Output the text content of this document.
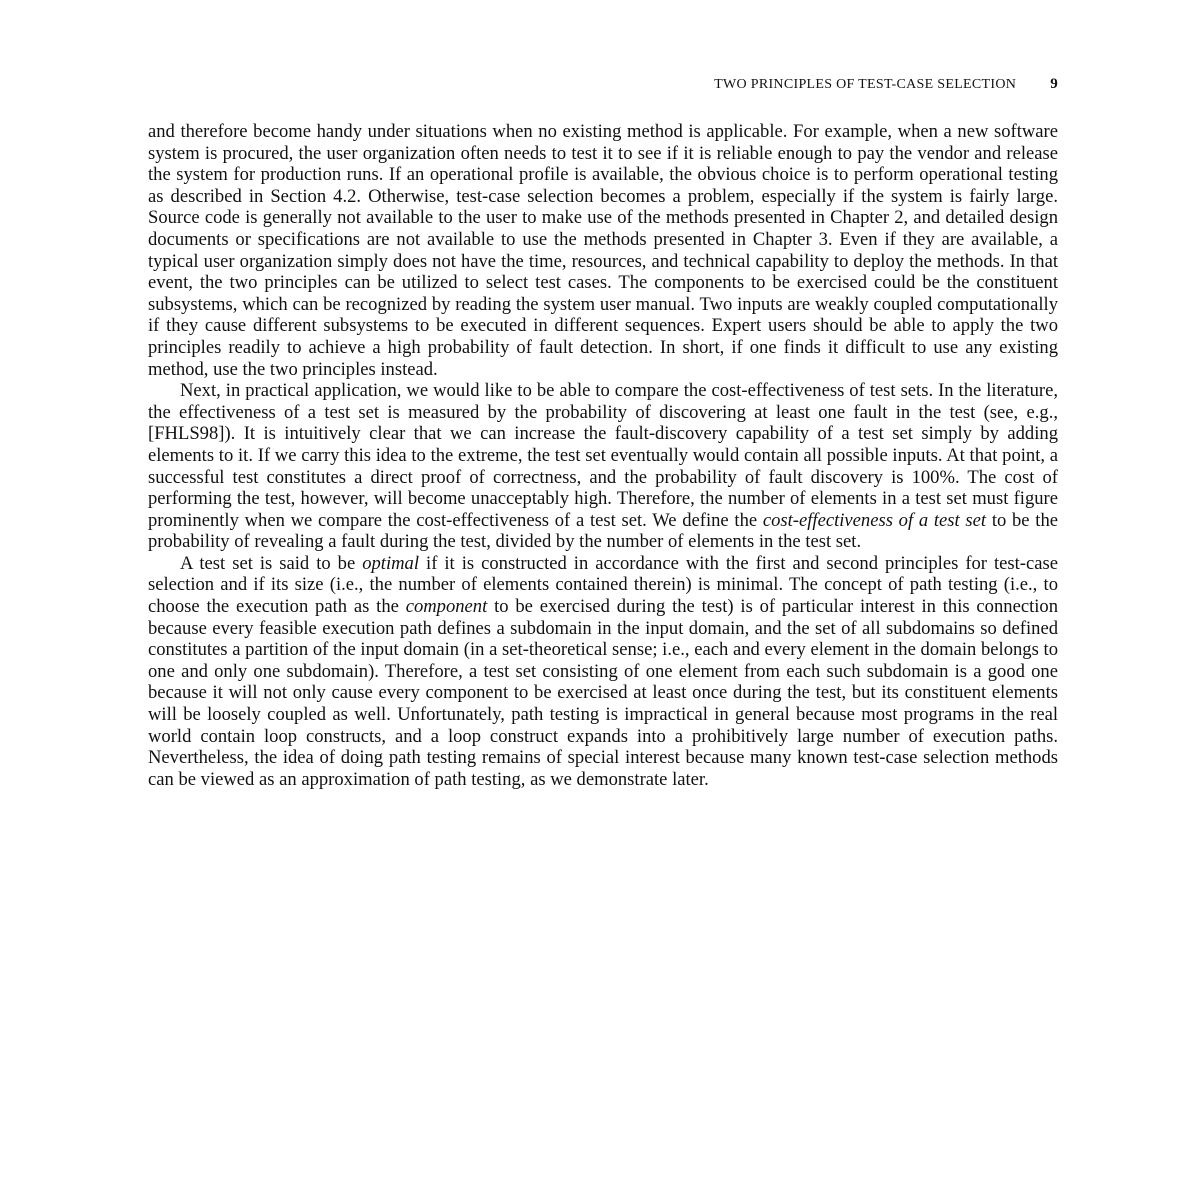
TWO PRINCIPLES OF TEST-CASE SELECTION 9

and therefore become handy under situations when no existing method is applicable. For example, when a new software system is procured, the user organization often needs to test it to see if it is reliable enough to pay the vendor and release the system for production runs. If an operational profile is available, the obvious choice is to perform operational testing as described in Section 4.2. Otherwise, test-case selection becomes a problem, especially if the system is fairly large. Source code is generally not available to the user to make use of the methods presented in Chapter 2, and detailed design documents or specifications are not available to use the methods presented in Chapter 3. Even if they are available, a typical user organization simply does not have the time, resources, and technical capability to deploy the methods. In that event, the two principles can be utilized to select test cases. The components to be exercised could be the constituent subsystems, which can be recognized by reading the system user manual. Two inputs are weakly coupled computationally if they cause different subsystems to be executed in different sequences. Expert users should be able to apply the two principles readily to achieve a high probability of fault detection. In short, if one finds it difficult to use any existing method, use the two principles instead.

Next, in practical application, we would like to be able to compare the cost-effectiveness of test sets. In the literature, the effectiveness of a test set is measured by the probability of discovering at least one fault in the test (see, e.g., [FHLS98]). It is intuitively clear that we can increase the fault-discovery capability of a test set simply by adding elements to it. If we carry this idea to the extreme, the test set eventually would contain all possible inputs. At that point, a successful test constitutes a direct proof of correctness, and the probability of fault discovery is 100%. The cost of performing the test, however, will become unacceptably high. Therefore, the number of elements in a test set must figure prominently when we compare the cost-effectiveness of a test set. We define the cost-effectiveness of a test set to be the probability of revealing a fault during the test, divided by the number of elements in the test set.

A test set is said to be optimal if it is constructed in accordance with the first and second principles for test-case selection and if its size (i.e., the number of elements contained therein) is minimal. The concept of path testing (i.e., to choose the execution path as the component to be exercised during the test) is of particular interest in this connection because every feasible execution path defines a subdomain in the input domain, and the set of all subdomains so defined constitutes a partition of the input domain (in a set-theoretical sense; i.e., each and every element in the domain belongs to one and only one subdomain). Therefore, a test set consisting of one element from each such subdomain is a good one because it will not only cause every component to be exercised at least once during the test, but its constituent elements will be loosely coupled as well. Unfortunately, path testing is impractical in general because most programs in the real world contain loop constructs, and a loop construct expands into a prohibitively large number of execution paths. Nevertheless, the idea of doing path testing remains of special interest because many known test-case selection methods can be viewed as an approximation of path testing, as we demonstrate later.
